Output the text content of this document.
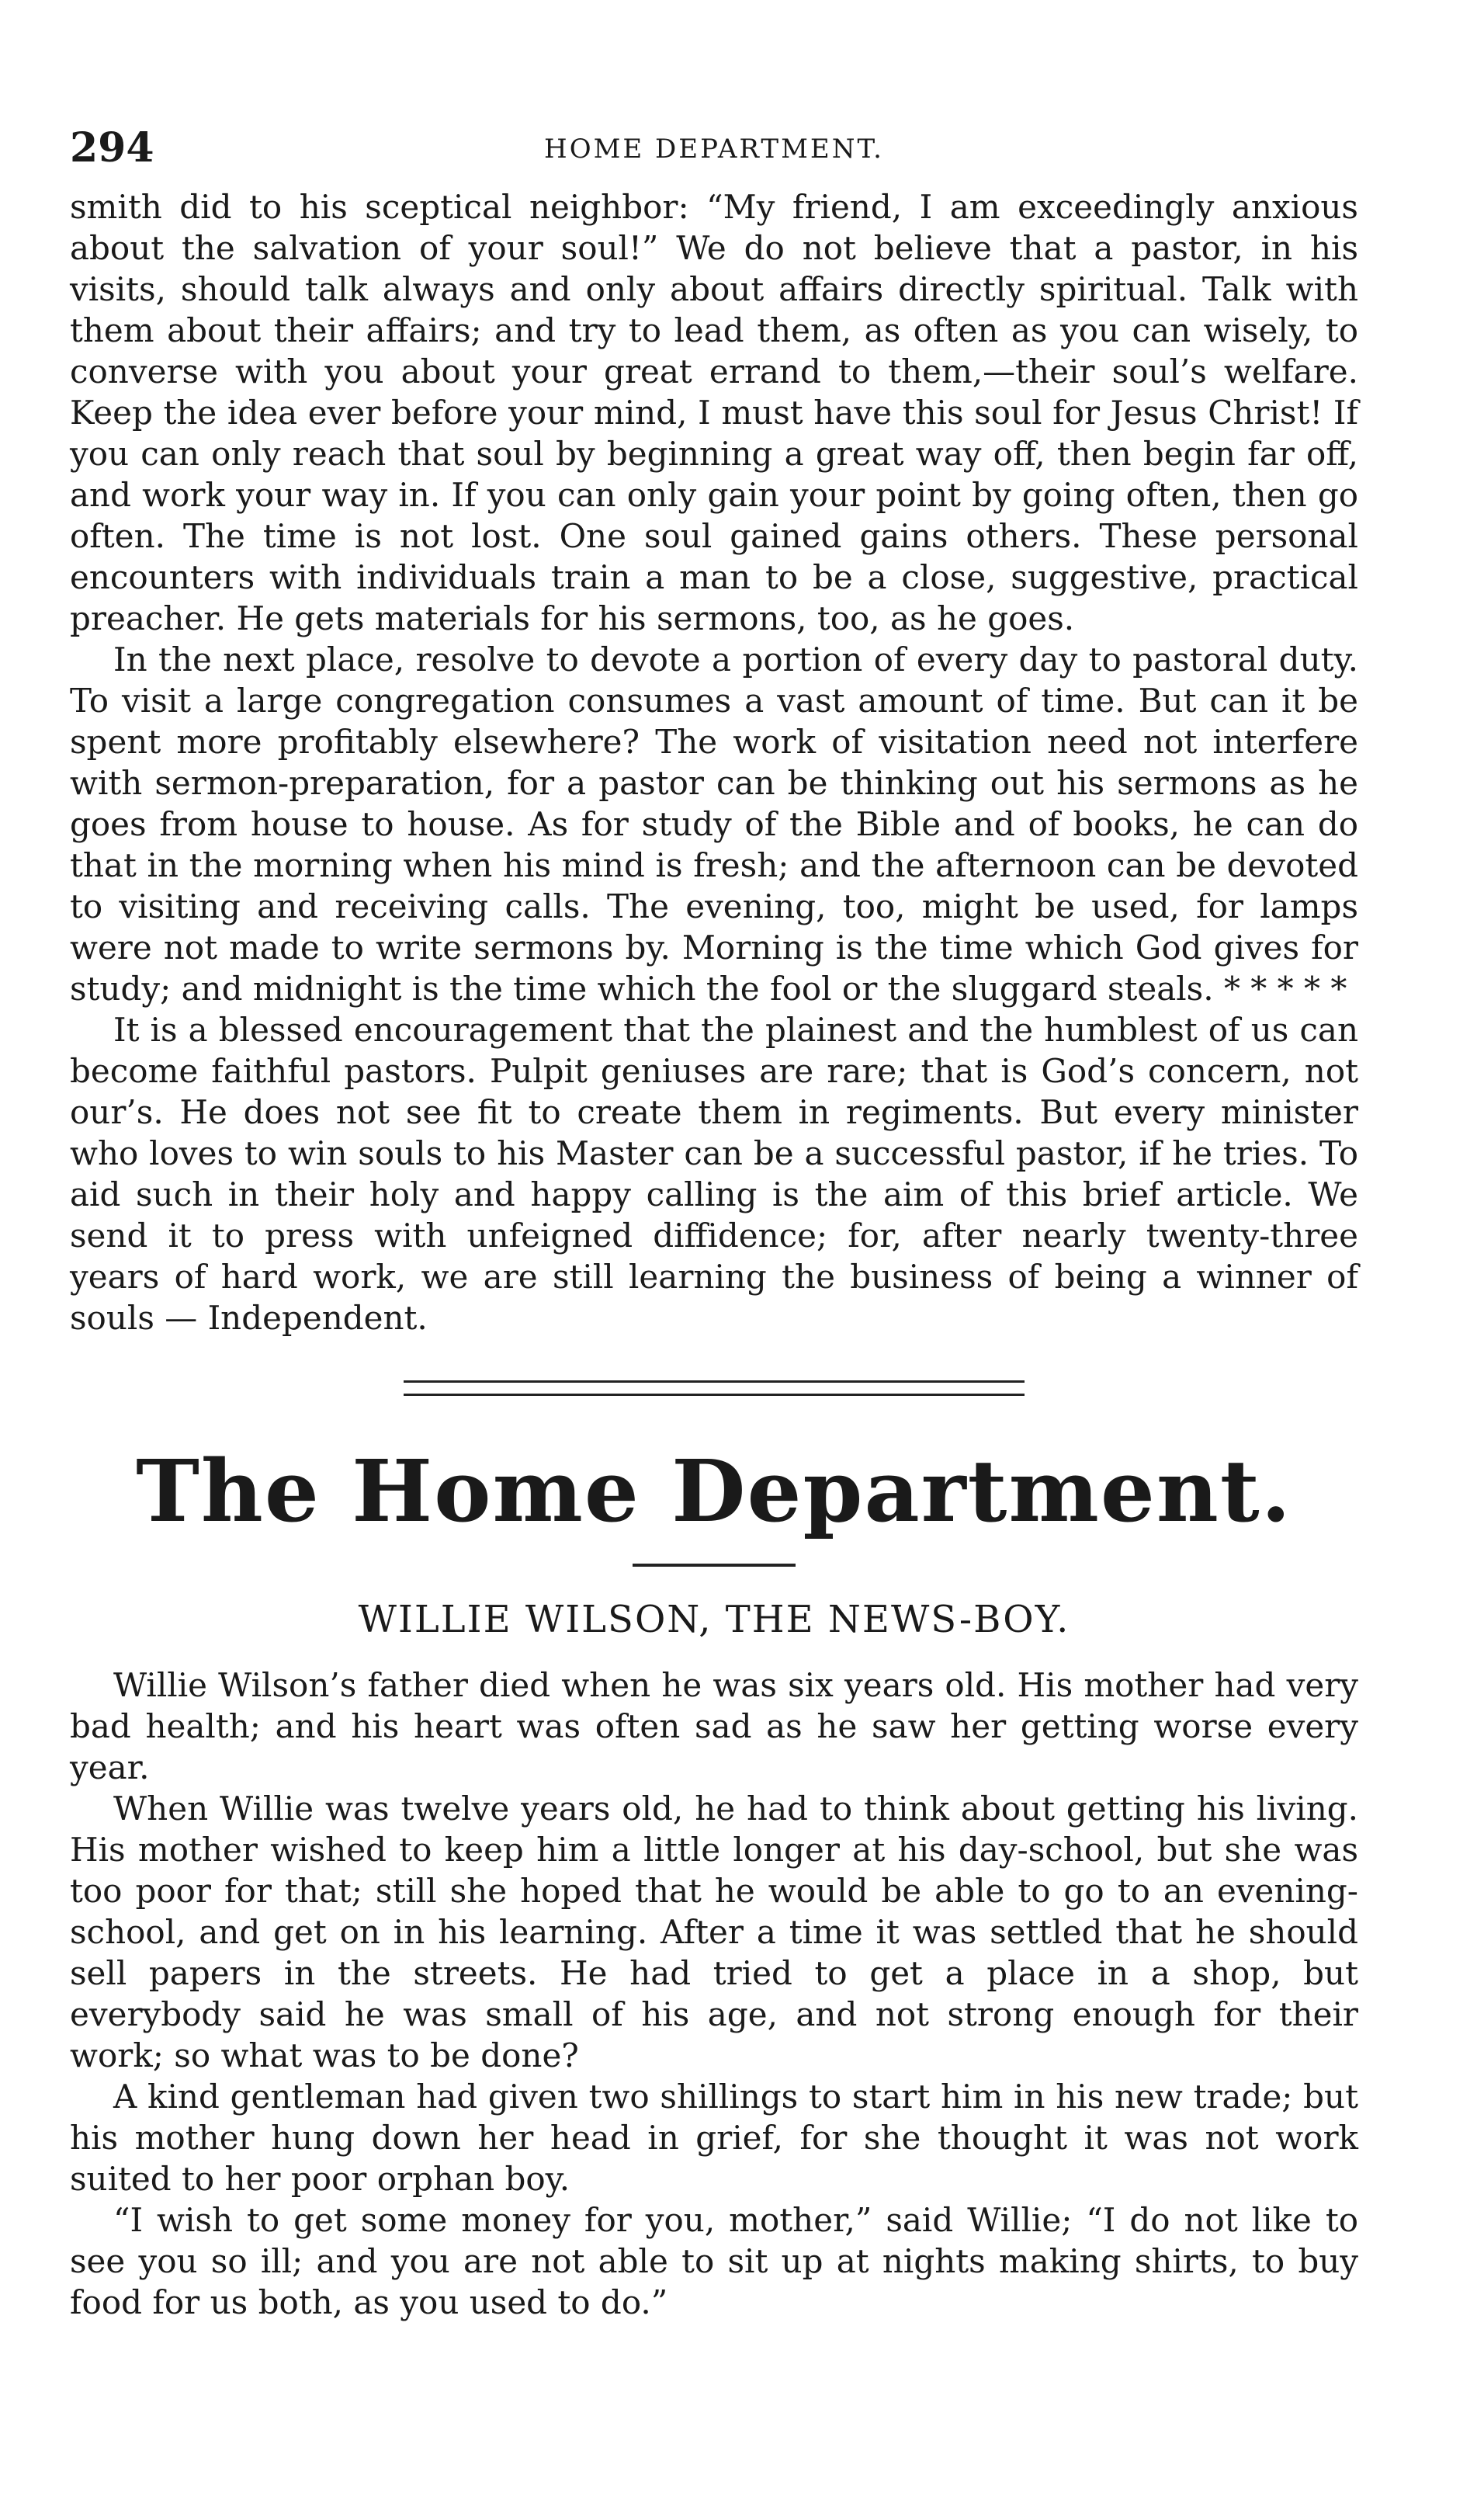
294	HOME DEPARTMENT.

smith did to his sceptical neighbor: “My friend, I am exceedingly anxious about the salvation of your soul!” We do not believe that a pastor, in his visits, should talk always and only about affairs directly spiritual. Talk with them about their affairs; and try to lead them, as often as you can wisely, to converse with you about your great errand to them,—their soul’s welfare. Keep the idea ever before your mind, I must have this soul for Jesus Christ! If you can only reach that soul by beginning a great way off, then begin far off, and work your way in. If you can only gain your point by going often, then go often. The time is not lost. One soul gained gains others. These personal encounters with individuals train a man to be a close, suggestive, practical preacher. He gets materials for his sermons, too, as he goes.

In the next place, resolve to devote a portion of every day to pastoral duty. To visit a large congregation consumes a vast amount of time. But can it be spent more profitably elsewhere? The work of visitation need not interfere with sermon-preparation, for a pastor can be thinking out his sermons as he goes from house to house. As for study of the Bible and of books, he can do that in the morning when his mind is fresh; and the afternoon can be devoted to visiting and receiving calls. The evening, too, might be used, for lamps were not made to write sermons by. Morning is the time which God gives for study; and midnight is the time which the fool or the sluggard steals. * * * * *

It is a blessed encouragement that the plainest and the humblest of us can become faithful pastors. Pulpit geniuses are rare; that is God’s concern, not our’s. He does not see fit to create them in regiments. But every minister who loves to win souls to his Master can be a successful pastor, if he tries. To aid such in their holy and happy calling is the aim of this brief article. We send it to press with unfeigned diffidence; for, after nearly twenty-three years of hard work, we are still learning the business of being a winner of souls — Independent.

The Home Department.
WILLIE WILSON, THE NEWS-BOY.

Willie Wilson’s father died when he was six years old. His mother had very bad health; and his heart was often sad as he saw her getting worse every year.

When Willie was twelve years old, he had to think about getting his living. His mother wished to keep him a little longer at his day-school, but she was too poor for that; still she hoped that he would be able to go to an evening-school, and get on in his learning. After a time it was settled that he should sell papers in the streets. He had tried to get a place in a shop, but everybody said he was small of his age, and not strong enough for their work; so what was to be done?

A kind gentleman had given two shillings to start him in his new trade; but his mother hung down her head in grief, for she thought it was not work suited to her poor orphan boy.

“I wish to get some money for you, mother,” said Willie; “I do not like to see you so ill; and you are not able to sit up at nights making shirts, to buy food for us both, as you used to do.”
